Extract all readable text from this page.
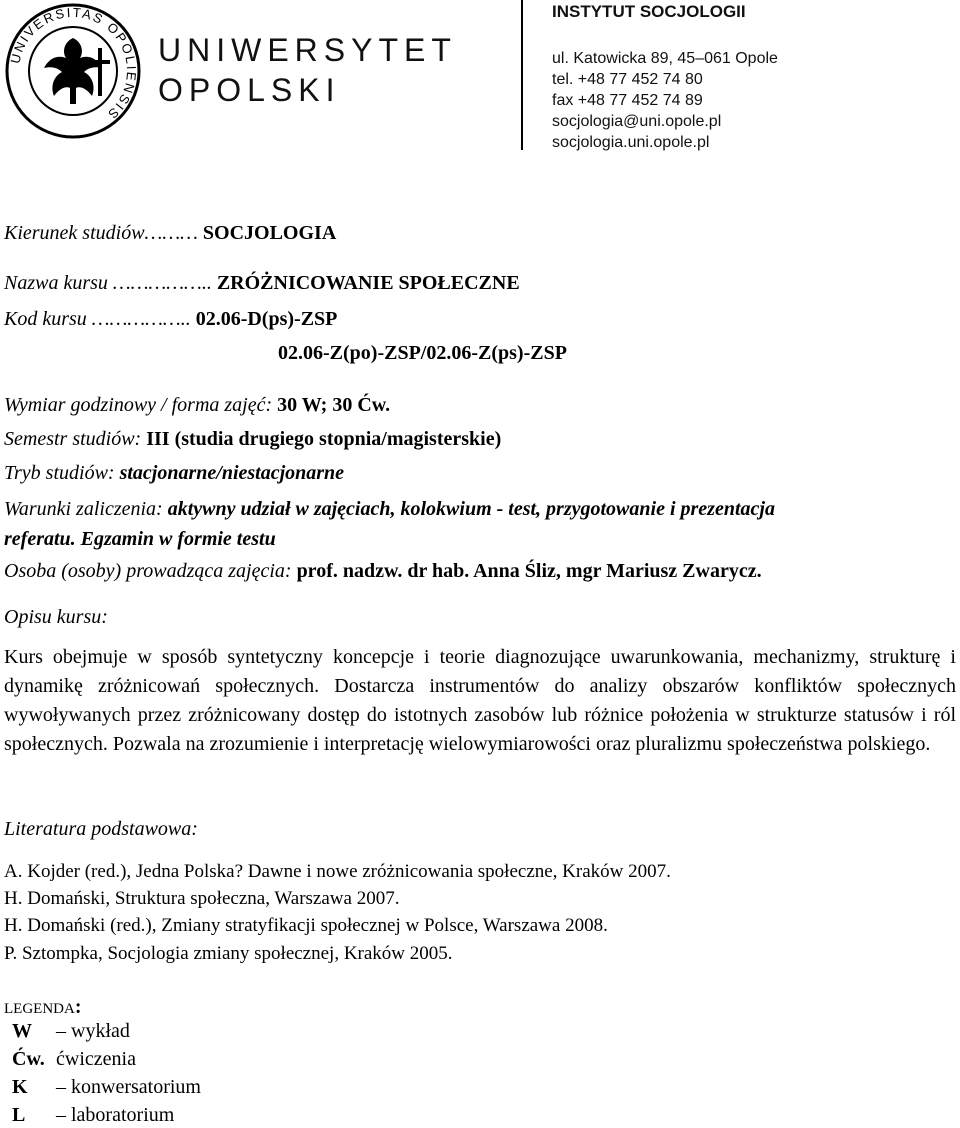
UNIVERSITAS OPOLIENSIS
UNIWERSYTET
OPOLSKI
INSTYTUT SOCJOLOGII
ul. Katowicka 89, 45–061 Opole
tel. +48 77 452 74 80
fax +48 77 452 74 89
socjologia@uni.opole.pl
socjologia.uni.opole.pl
Kierunek studiów……… SOCJOLOGIA
Nazwa kursu …………….. ZRÓŻNICOWANIE SPOŁECZNE
Kod kursu …………….. 02.06-D(ps)-ZSP
02.06-Z(po)-ZSP/02.06-Z(ps)-ZSP
Wymiar godzinowy / forma zajęć: 30 W; 30 Ćw.
Semestr studiów: III (studia drugiego stopnia/magisterskie)
Tryb studiów: stacjonarne/niestacjonarne
Warunki zaliczenia: aktywny udział w zajęciach, kolokwium - test, przygotowanie i prezentacja
referatu. Egzamin w formie testu
Osoba (osoby) prowadząca zajęcia: prof. nadzw. dr hab. Anna Śliz, mgr Mariusz Zwarycz.
Opisu kursu:
Kurs obejmuje w sposób syntetyczny koncepcje i teorie diagnozujące uwarunkowania, mechanizmy, strukturę i dynamikę zróżnicowań społecznych. Dostarcza instrumentów do analizy obszarów konfliktów społecznych wywoływanych przez zróżnicowany dostęp do istotnych zasobów lub różnice położenia w strukturze statusów i ról społecznych. Pozwala na zrozumienie i interpretację wielowymiarowości oraz pluralizmu społeczeństwa polskiego.
Literatura podstawowa:
A. Kojder (red.), Jedna Polska? Dawne i nowe zróżnicowania społeczne, Kraków 2007.
H. Domański, Struktura społeczna, Warszawa 2007.
H. Domański (red.), Zmiany stratyfikacji społecznej w Polsce, Warszawa 2008.
P. Sztompka, Socjologia zmiany społecznej, Kraków 2005.
LEGENDA:
W – wykład
Ćw. ćwiczenia
K – konwersatorium
L – laboratorium
